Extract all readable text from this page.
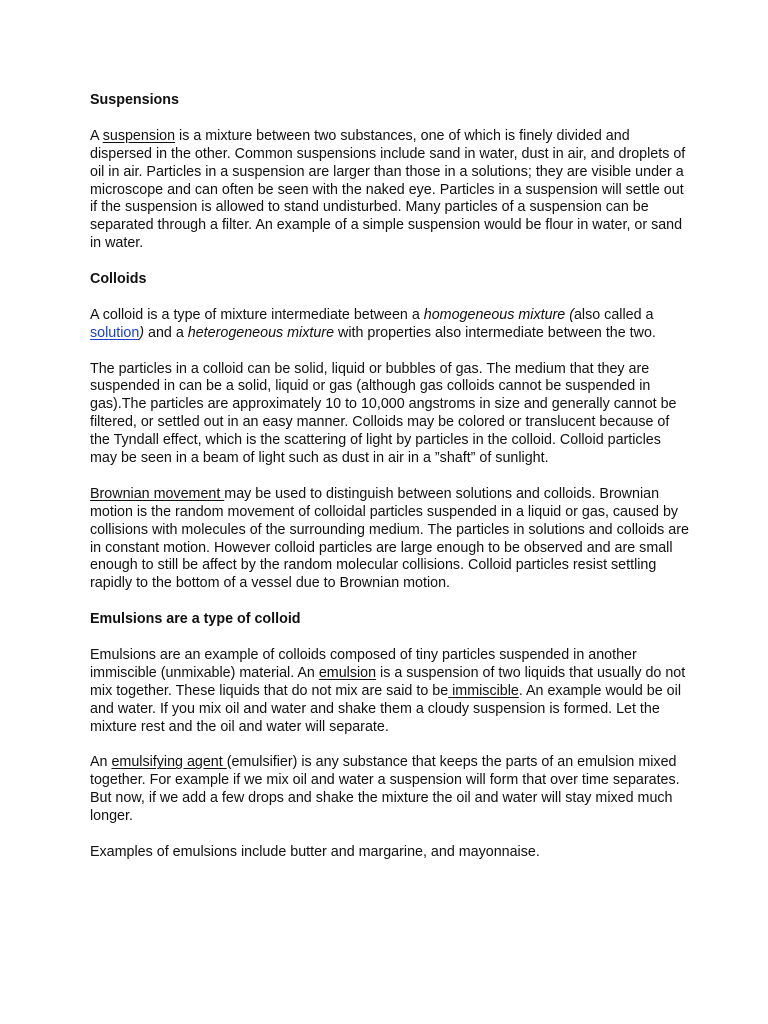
Suspensions

A suspension is a mixture between two substances, one of which is finely divided and dispersed in the other. Common suspensions include sand in water, dust in air, and droplets of oil in air. Particles in a suspension are larger than those in a solutions; they are visible under a microscope and can often be seen with the naked eye. Particles in a suspension will settle out if the suspension is allowed to stand undisturbed. Many particles of a suspension can be separated through a filter. An example of a simple suspension would be flour in water, or sand in water.

Colloids

A colloid is a type of mixture intermediate between a homogeneous mixture (also called a solution) and a heterogeneous mixture with properties also intermediate between the two.

The particles in a colloid can be solid, liquid or bubbles of gas. The medium that they are suspended in can be a solid, liquid or gas (although gas colloids cannot be suspended in gas).The particles are approximately 10 to 10,000 angstroms in size and generally cannot be filtered, or settled out in an easy manner. Colloids may be colored or translucent because of the Tyndall effect, which is the scattering of light by particles in the colloid. Colloid particles may be seen in a beam of light such as dust in air in a ”shaft” of sunlight.

Brownian movement may be used to distinguish between solutions and colloids. Brownian motion is the random movement of colloidal particles suspended in a liquid or gas, caused by collisions with molecules of the surrounding medium. The particles in solutions and colloids are in constant motion. However colloid particles are large enough to be observed and are small enough to still be affect by the random molecular collisions. Colloid particles resist settling rapidly to the bottom of a vessel due to Brownian motion.

Emulsions are a type of colloid

Emulsions are an example of colloids composed of tiny particles suspended in another immiscible (unmixable) material. An emulsion is a suspension of two liquids that usually do not mix together. These liquids that do not mix are said to be immiscible. An example would be oil and water. If you mix oil and water and shake them a cloudy suspension is formed. Let the mixture rest and the oil and water will separate.

An emulsifying agent (emulsifier) is any substance that keeps the parts of an emulsion mixed together. For example if we mix oil and water a suspension will form that over time separates. But now, if we add a few drops and shake the mixture the oil and water will stay mixed much longer.

Examples of emulsions include butter and margarine, and mayonnaise.
